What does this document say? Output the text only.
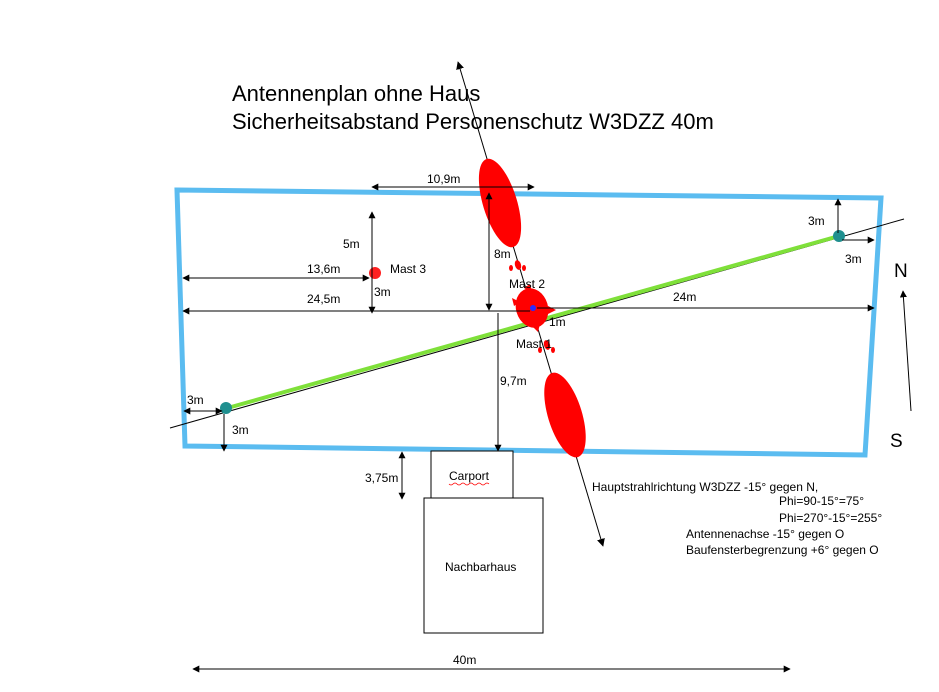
Antennenplan ohne Haus
Sicherheitsabstand Personenschutz W3DZZ 40m
Mast 3
Mast 2
Mast 1
10,9m
5m
13,6m
3m
24,5m	24m
8m
1m
9,7m
3m
3m
3m
3m
3,75m	Carport
Nachbarhaus
N
S
Hauptstrahlrichtung W3DZZ -15° gegen N,
Phi=90-15°=75°
Phi=270°-15°=255°
Antennenachse -15° gegen O
Baufensterbegrenzung +6° gegen O
40m
